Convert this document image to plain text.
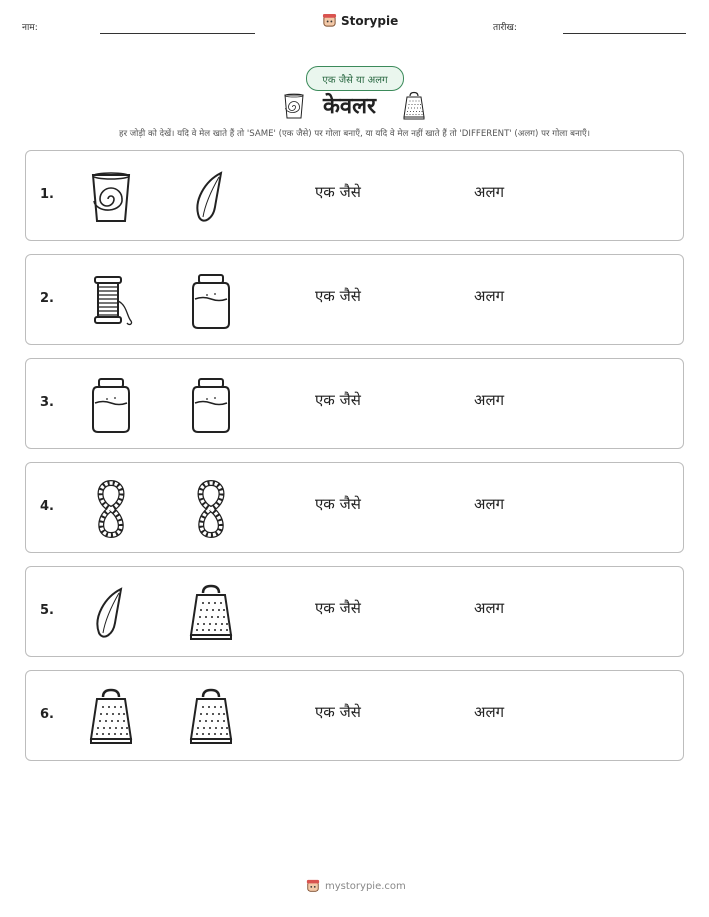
नाम:
Storypie
तारीख:
एक जैसे या अलग
केवलर
हर जोड़ी को देखें। यदि वे मेल खाते हैं तो 'SAME' (एक जैसे) पर गोला बनाएँ, या यदि वे मेल नहीं खाते हैं तो 'DIFFERENT' (अलग) पर गोला बनाएँ।
1.	एक जैसे	अलग
2.	एक जैसे	अलग
3.	एक जैसे	अलग
4.	एक जैसे	अलग
5.	एक जैसे	अलग
6.	एक जैसे	अलग
mystorypie.com
